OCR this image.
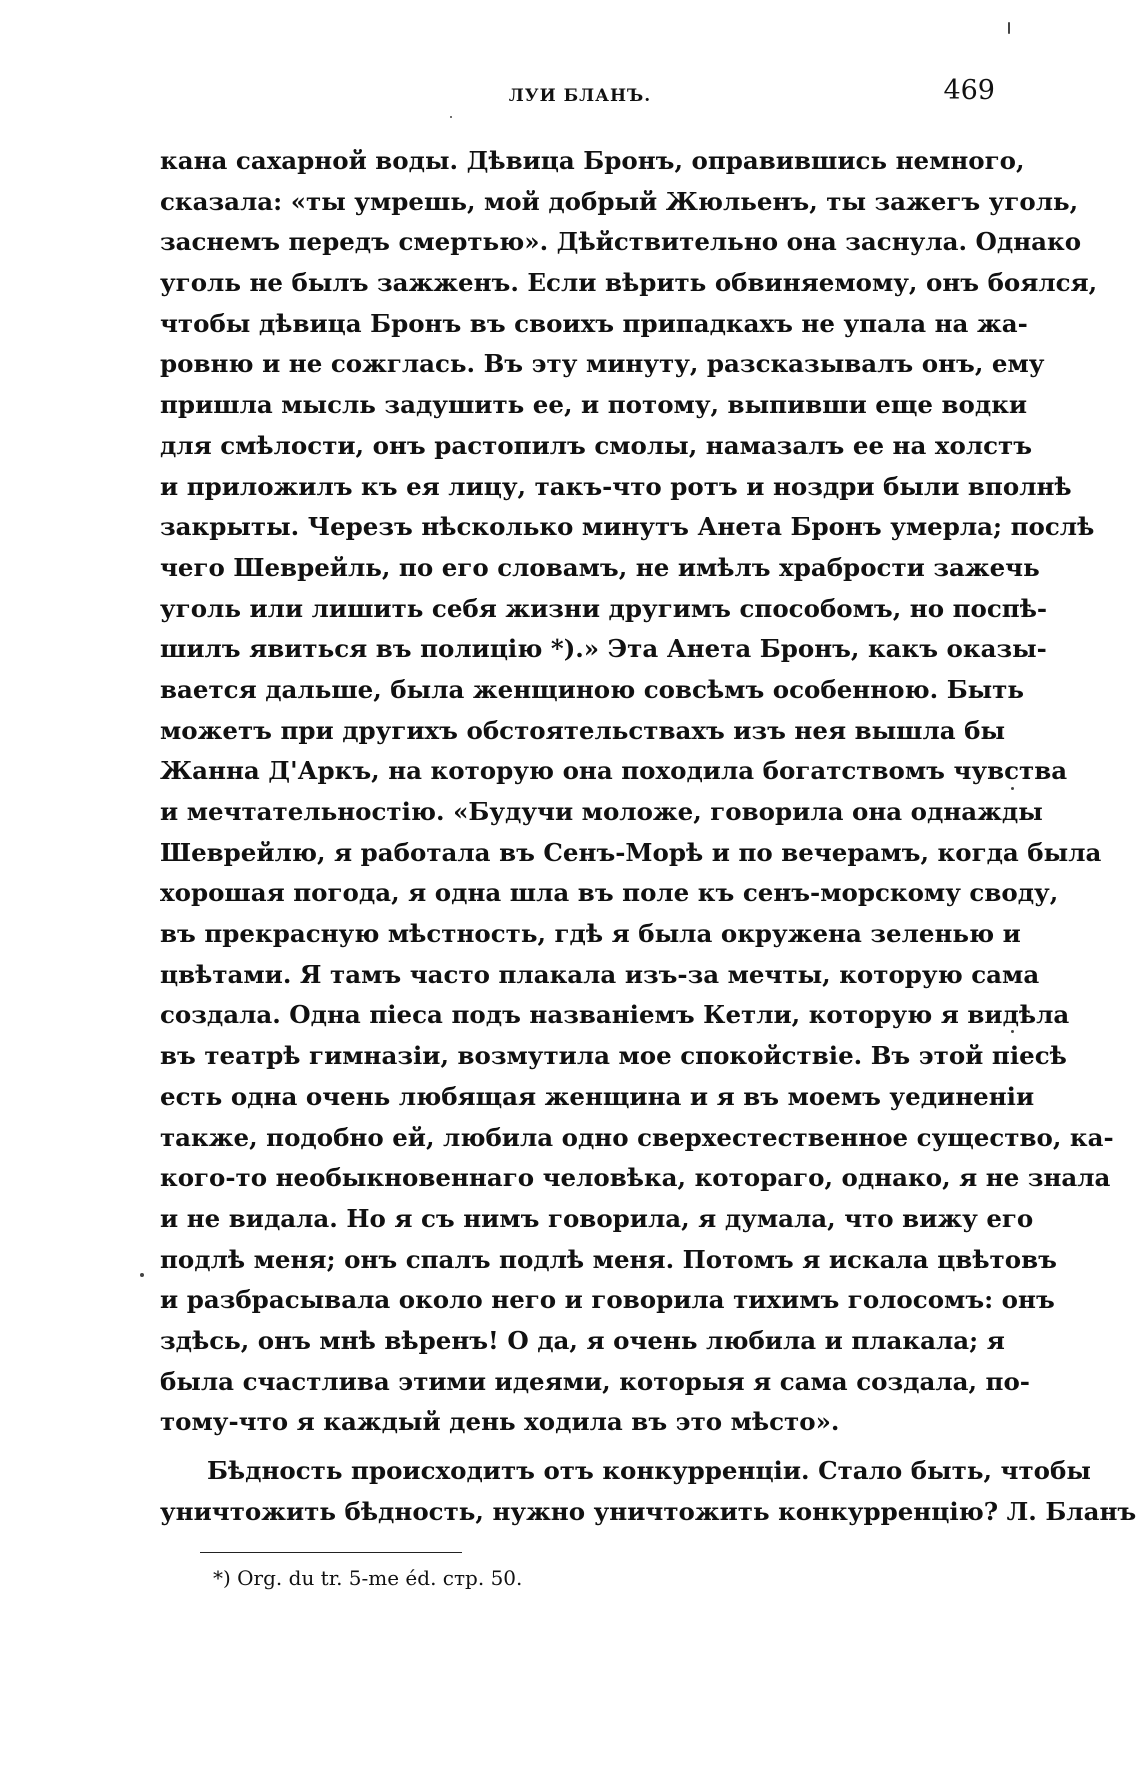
ЛУИ БЛАНЪ.	469
кана сахарной воды. Дѣвица Бронъ, оправившись немного,
сказала: «ты умрешь, мой добрый Жюльенъ, ты зажегъ уголь,
заснемъ передъ смертью». Дѣйствительно она заснула. Однако
уголь не былъ зажженъ. Если вѣрить обвиняемому, онъ боялся,
чтобы дѣвица Бронъ въ своихъ припадкахъ не упала на жа-
ровню и не сожглась. Въ эту минуту, разсказывалъ онъ, ему
пришла мысль задушить ее, и потому, выпивши еще водки
для смѣлости, онъ растопилъ смолы, намазалъ ее на холстъ
и приложилъ къ ея лицу, такъ-что ротъ и ноздри были вполнѣ
закрыты. Черезъ нѣсколько минутъ Анета Бронъ умерла; послѣ
чего Шеврейль, по его словамъ, не имѣлъ храбрости зажечь
уголь или лишить себя жизни другимъ способомъ, но поспѣ-
шилъ явиться въ полицію *).» Эта Анета Бронъ, какъ оказы-
вается дальше, была женщиною совсѣмъ особенною. Быть
можетъ при другихъ обстоятельствахъ изъ нея вышла бы
Жанна Д'Аркъ, на которую она походила богатствомъ чувства
и мечтательностію. «Будучи моложе, говорила она однажды
Шеврейлю, я работала въ Сенъ-Морѣ и по вечерамъ, когда была
хорошая погода, я одна шла въ поле къ сенъ-морскому своду,
въ прекрасную мѣстность, гдѣ я была окружена зеленью и
цвѣтами. Я тамъ часто плакала изъ-за мечты, которую сама
создала. Одна піеса подъ названіемъ Кетли, которую я видѣла
въ театрѣ гимназіи, возмутила мое спокойствіе. Въ этой піесѣ
есть одна очень любящая женщина и я въ моемъ уединеніи
также, подобно ей, любила одно сверхестественное существо, ка-
кого-то необыкновеннаго человѣка, котораго, однако, я не знала
и не видала. Но я съ нимъ говорила, я думала, что вижу его
подлѣ меня; онъ спалъ подлѣ меня. Потомъ я искала цвѣтовъ
и разбрасывала около него и говорила тихимъ голосомъ: онъ
здѣсь, онъ мнѣ вѣренъ! О да, я очень любила и плакала; я
была счастлива этими идеями, которыя я сама создала, по-
тому-что я каждый день ходила въ это мѣсто».
Бѣдность происходитъ отъ конкурренціи. Стало быть, чтобы
уничтожить бѣдность, нужно уничтожить конкурренцію? Л. Бланъ
*) Org. du tr. 5-me éd. стр. 50.
